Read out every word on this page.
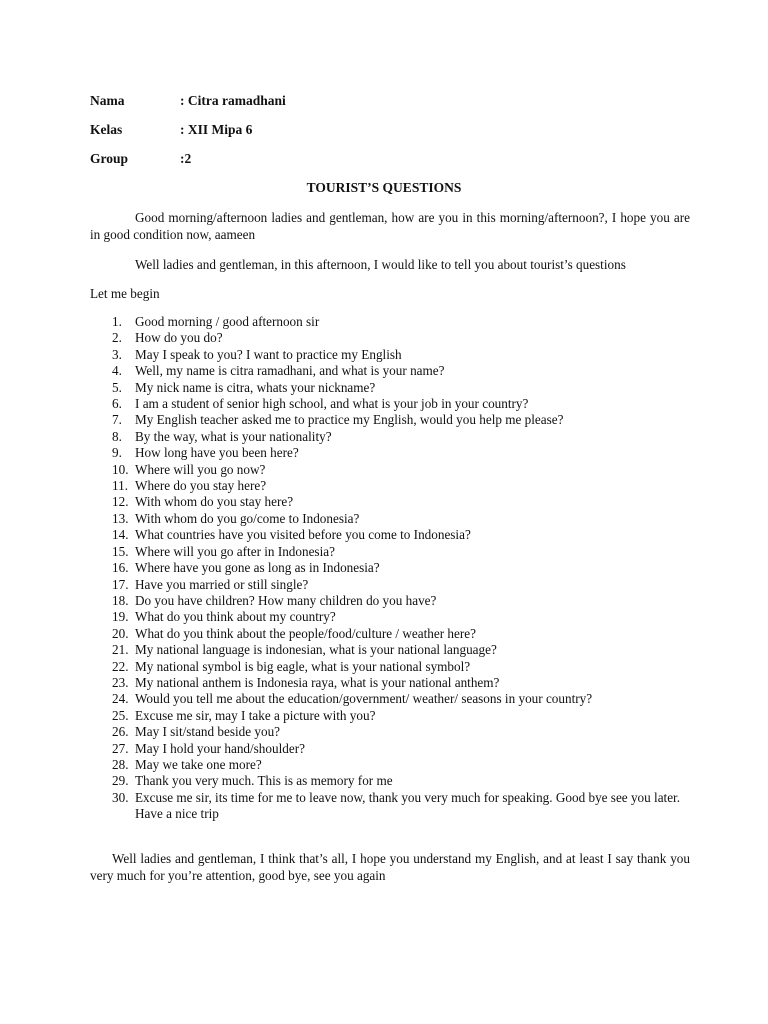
Nama	: Citra ramadhani
Kelas	: XII Mipa 6
Group	:2
TOURIST’S QUESTIONS
Good morning/afternoon ladies and gentleman, how are you in this morning/afternoon?, I hope you are in good condition now, aameen
Well ladies and gentleman, in this afternoon, I would like to tell you about tourist’s questions
Let me begin
1. Good morning / good afternoon sir
2. How do you do?
3. May I speak to you? I want to practice my English
4. Well, my name is citra ramadhani, and what is your name?
5. My nick name is citra, whats your nickname?
6. I am a student of senior high school, and what is your job in your country?
7. My English teacher asked me to practice my English, would you help me please?
8. By the way, what is your nationality?
9. How long have you been here?
10. Where will you go now?
11. Where do you stay here?
12. With whom do you stay here?
13. With whom do you go/come to Indonesia?
14. What countries have you visited before you come to Indonesia?
15. Where will you go after in Indonesia?
16. Where have you gone as long as in Indonesia?
17. Have you married or still single?
18. Do you have children? How many children do you have?
19. What do you think about my country?
20. What do you think about the people/food/culture / weather here?
21. My national language is indonesian, what is your national language?
22. My national symbol is big eagle, what is your national symbol?
23. My national anthem is Indonesia raya, what is your national anthem?
24. Would you tell me about the education/government/ weather/ seasons in your country?
25. Excuse me sir, may I take a picture with you?
26. May I sit/stand beside you?
27. May I hold your hand/shoulder?
28. May we take one more?
29. Thank you very much. This is as memory for me
30. Excuse me sir, its time for me to leave now, thank you very much for speaking. Good bye see you later. Have a nice trip
Well ladies and gentleman, I think that’s all, I hope you understand my English, and at least I say thank you very much for you’re attention, good bye, see you again
